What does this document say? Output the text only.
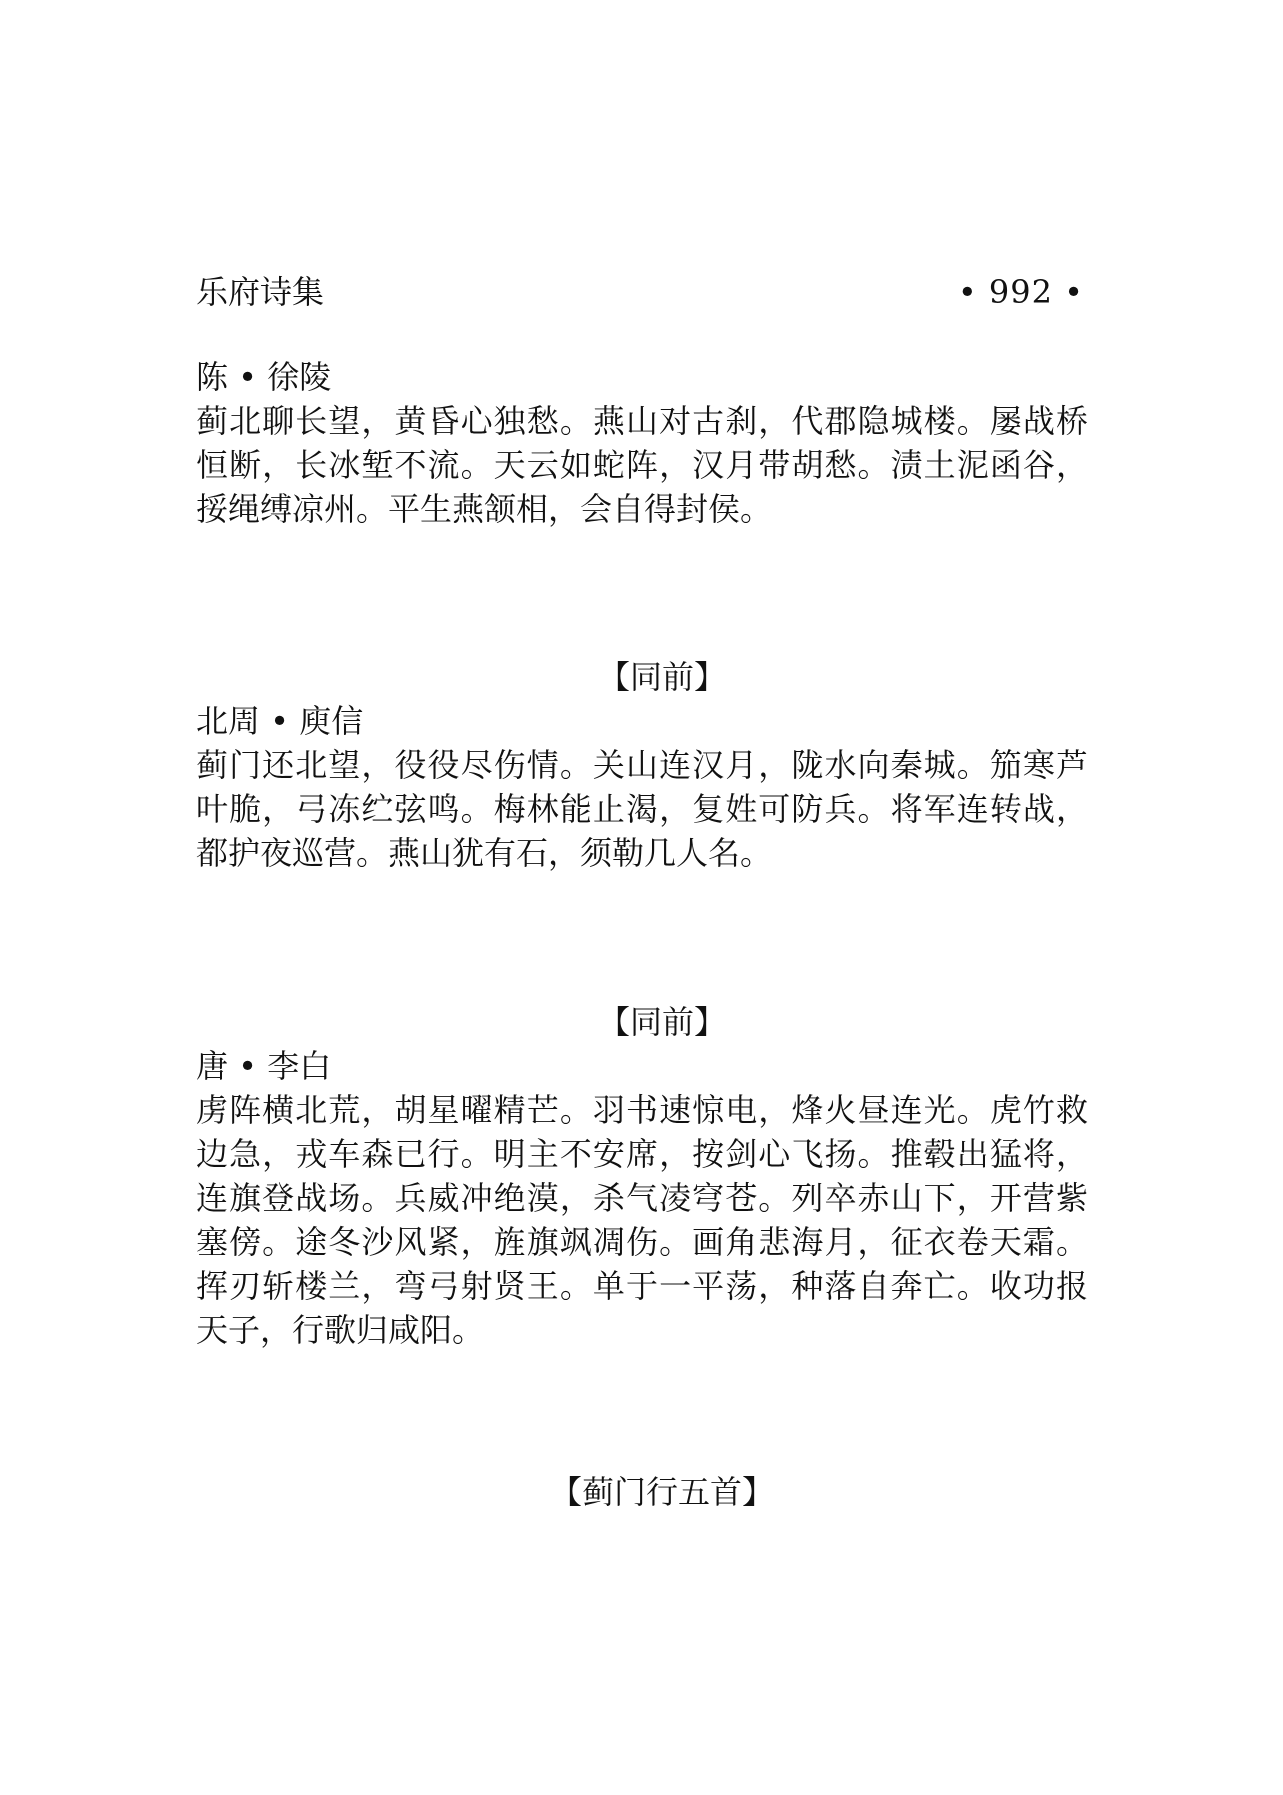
乐府诗集	• 992 •
陈 • 徐陵

蓟北聊长望，黄昏心独愁。燕山对古刹，代郡隐城楼。屡战桥恒断，长冰堑不流。天云如蛇阵，汉月带胡愁。渍土泥函谷，挼绳缚凉州。平生燕颔相，会自得封侯。

【同前】
北周 • 庾信

蓟门还北望，役役尽伤情。关山连汉月，陇水向秦城。笳寒芦叶脆，弓冻纻弦鸣。梅林能止渴，复姓可防兵。将军连转战，都护夜巡营。燕山犹有石，须勒几人名。

【同前】
唐 • 李白

虏阵横北荒，胡星曜精芒。羽书速惊电，烽火昼连光。虎竹救边急，戎车森已行。明主不安席，按剑心飞扬。推毂出猛将，连旗登战场。兵威冲绝漠，杀气凌穹苍。列卒赤山下，开营紫塞傍。途冬沙风紧，旌旗飒凋伤。画角悲海月，征衣卷天霜。挥刃斩楼兰，弯弓射贤王。单于一平荡，种落自奔亡。收功报天子，行歌归咸阳。

【蓟门行五首】
